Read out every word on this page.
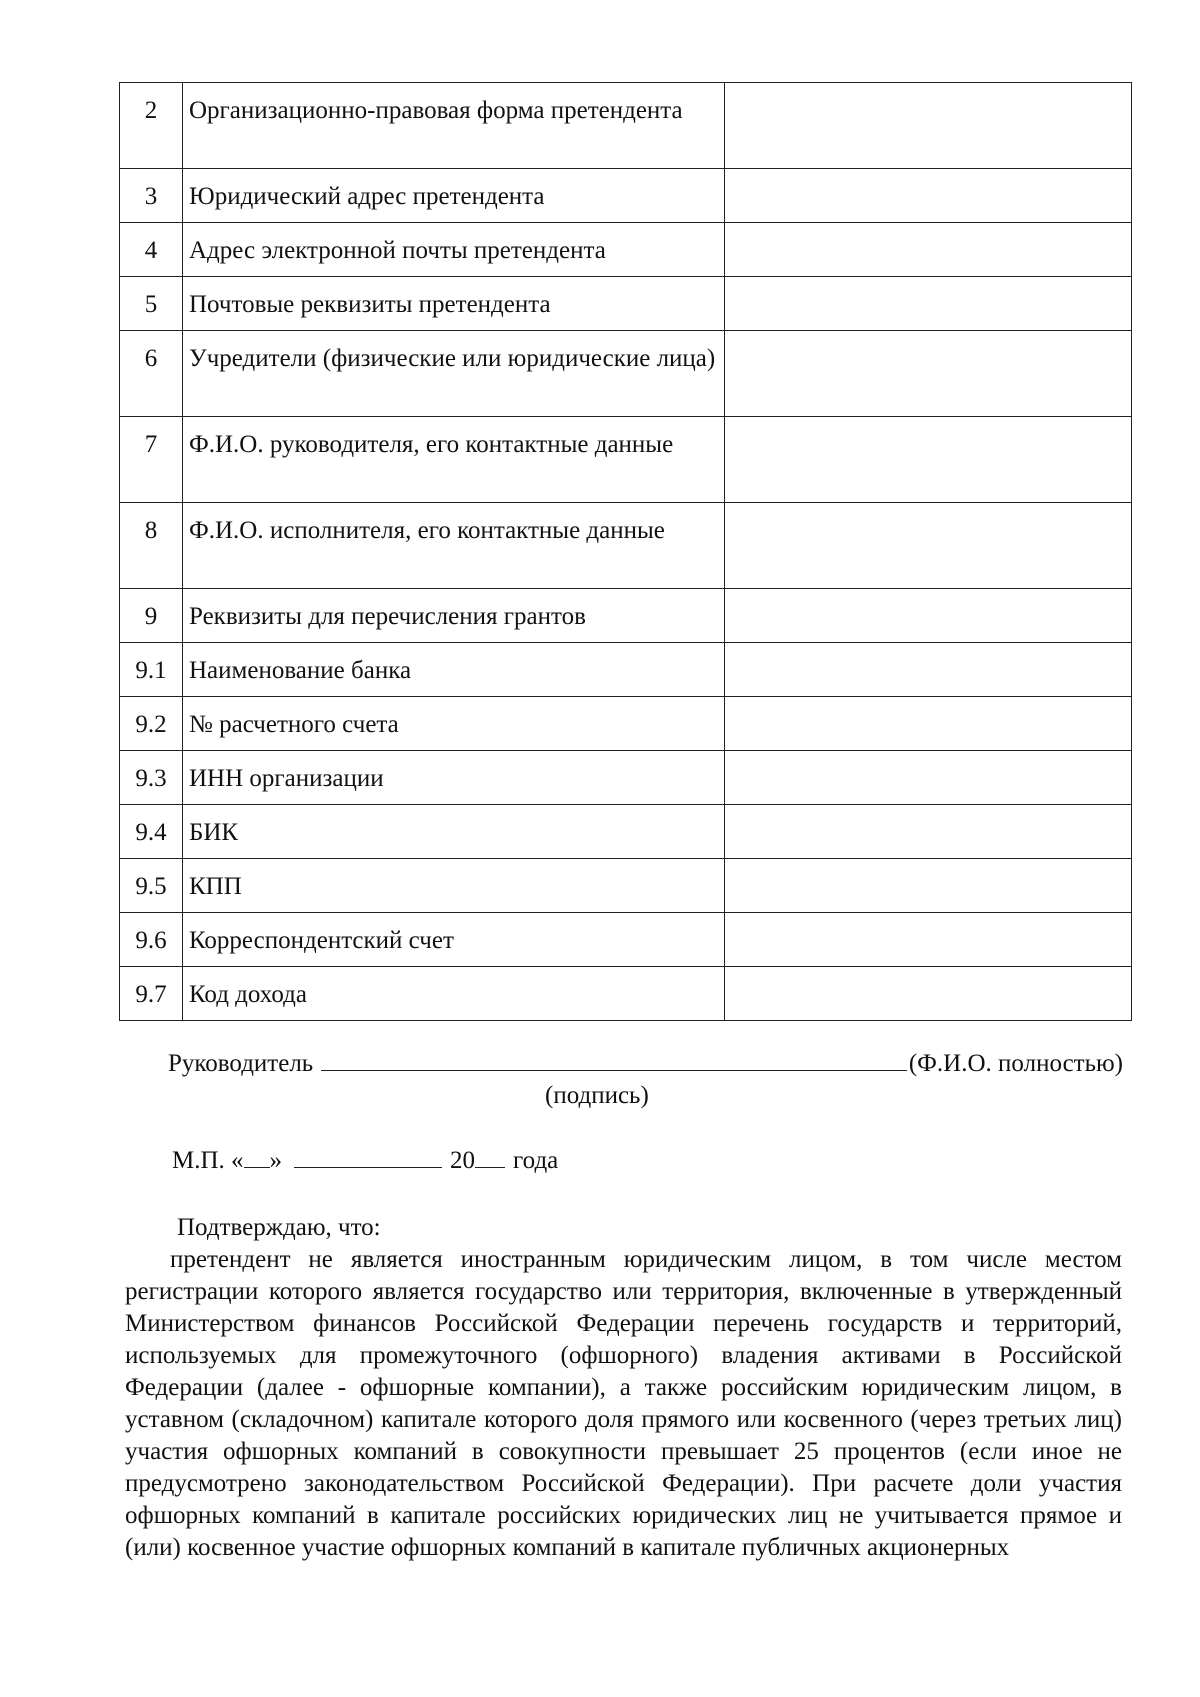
2	Организационно-правовая форма претендента	
3	Юридический адрес претендента	
4	Адрес электронной почты претендента	
5	Почтовые реквизиты претендента	
6	Учредители (физические или юридические лица)	
7	Ф.И.О. руководителя, его контактные данные	
8	Ф.И.О. исполнителя, его контактные данные	
9	Реквизиты для перечисления грантов	
9.1	Наименование банка	
9.2	№ расчетного счета	
9.3	ИНН организации	
9.4	БИК	
9.5	КПП	
9.6	Корреспондентский счет	
9.7	Код дохода	
Руководитель	(Ф.И.О. полностью)
(подпись)
М.П. « »	20 года
Подтверждаю, что:

претендент не является иностранным юридическим лицом, в том числе местом регистрации которого является государство или территория, включенные в утвержденный Министерством финансов Российской Федерации перечень государств и территорий, используемых для промежуточного (офшорного) владения активами в Российской Федерации (далее - офшорные компании), а также российским юридическим лицом, в уставном (складочном) капитале которого доля прямого или косвенного (через третьих лиц) участия офшорных компаний в совокупности превышает 25 процентов (если иное не предусмотрено законодательством Российской Федерации). При расчете доли участия офшорных компаний в капитале российских юридических лиц не учитывается прямое и (или) косвенное участие офшорных компаний в капитале публичных акционерных
